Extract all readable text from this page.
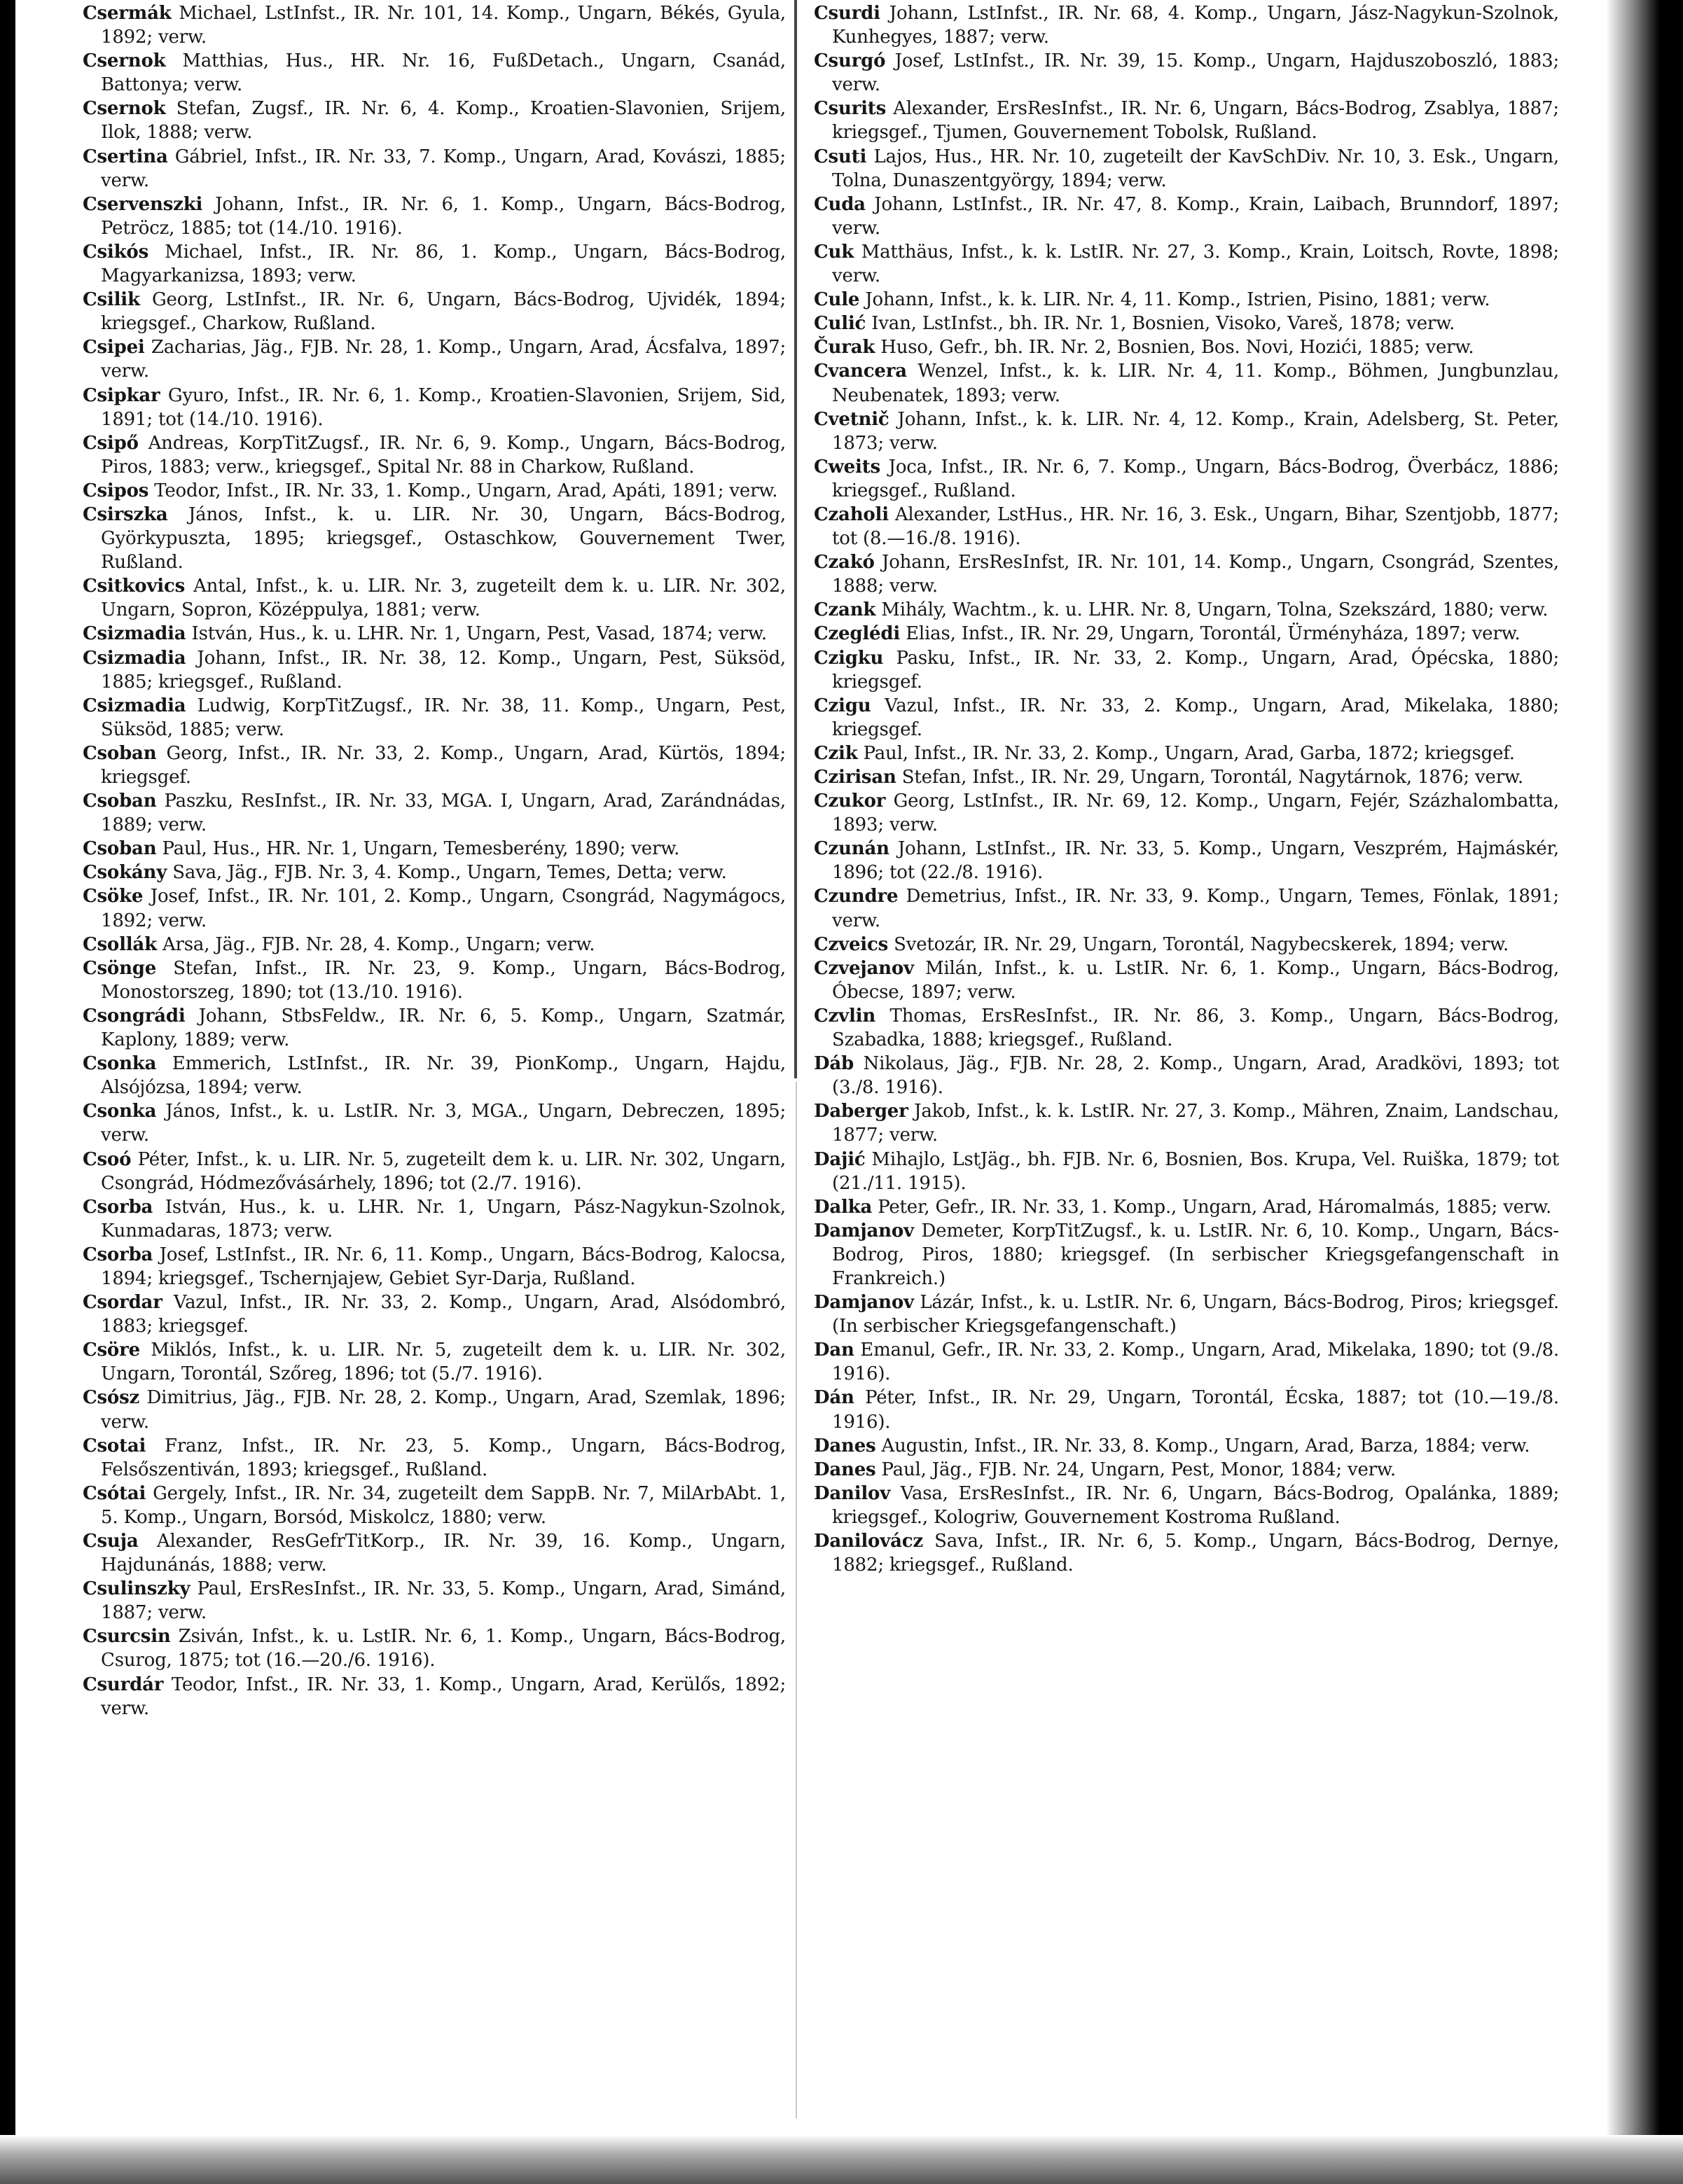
Csermák Michael, LstInfst., IR. Nr. 101, 14. Komp., Ungarn, Békés, Gyula, 1892; verw.

Csernok Matthias, Hus., HR. Nr. 16, FußDetach., Ungarn, Csanád, Battonya; verw.

Csernok Stefan, Zugsf., IR. Nr. 6, 4. Komp., Kroatien-Slavonien, Srijem, Ilok, 1888; verw.

Csertina Gábriel, Infst., IR. Nr. 33, 7. Komp., Ungarn, Arad, Kovászi, 1885; verw.

Cservenszki Johann, Infst., IR. Nr. 6, 1. Komp., Ungarn, Bács-Bodrog, Petröcz, 1885; tot (14./10. 1916).

Csikós Michael, Infst., IR. Nr. 86, 1. Komp., Ungarn, Bács-Bodrog, Magyarkanizsa, 1893; verw.

Csilik Georg, LstInfst., IR. Nr. 6, Ungarn, Bács-Bodrog, Ujvidék, 1894; kriegsgef., Charkow, Rußland.

Csipei Zacharias, Jäg., FJB. Nr. 28, 1. Komp., Ungarn, Arad, Ácsfalva, 1897; verw.

Csipkar Gyuro, Infst., IR. Nr. 6, 1. Komp., Kroatien-Slavonien, Srijem, Sid, 1891; tot (14./10. 1916).

Csipő Andreas, KorpTitZugsf., IR. Nr. 6, 9. Komp., Ungarn, Bács-Bodrog, Piros, 1883; verw., kriegsgef., Spital Nr. 88 in Charkow, Rußland.

Csipos Teodor, Infst., IR. Nr. 33, 1. Komp., Ungarn, Arad, Apáti, 1891; verw.

Csirszka János, Infst., k. u. LIR. Nr. 30, Ungarn, Bács-Bodrog, Györkypuszta, 1895; kriegsgef., Ostaschkow, Gouvernement Twer, Rußland.

Csitkovics Antal, Infst., k. u. LIR. Nr. 3, zugeteilt dem k. u. LIR. Nr. 302, Ungarn, Sopron, Középpulya, 1881; verw.

Csizmadia István, Hus., k. u. LHR. Nr. 1, Ungarn, Pest, Vasad, 1874; verw.

Csizmadia Johann, Infst., IR. Nr. 38, 12. Komp., Ungarn, Pest, Süksöd, 1885; kriegsgef., Rußland.

Csizmadia Ludwig, KorpTitZugsf., IR. Nr. 38, 11. Komp., Ungarn, Pest, Süksöd, 1885; verw.

Csoban Georg, Infst., IR. Nr. 33, 2. Komp., Ungarn, Arad, Kürtös, 1894; kriegsgef.

Csoban Paszku, ResInfst., IR. Nr. 33, MGA. I, Ungarn, Arad, Zarándnádas, 1889; verw.

Csoban Paul, Hus., HR. Nr. 1, Ungarn, Temesberény, 1890; verw.

Csokány Sava, Jäg., FJB. Nr. 3, 4. Komp., Ungarn, Temes, Detta; verw.

Csöke Josef, Infst., IR. Nr. 101, 2. Komp., Ungarn, Csongrád, Nagymágocs, 1892; verw.

Csollák Arsa, Jäg., FJB. Nr. 28, 4. Komp., Ungarn; verw.

Csönge Stefan, Infst., IR. Nr. 23, 9. Komp., Ungarn, Bács-Bodrog, Monostorszeg, 1890; tot (13./10. 1916).

Csongrádi Johann, StbsFeldw., IR. Nr. 6, 5. Komp., Ungarn, Szatmár, Kaplony, 1889; verw.

Csonka Emmerich, LstInfst., IR. Nr. 39, PionKomp., Ungarn, Hajdu, Alsójózsa, 1894; verw.

Csonka János, Infst., k. u. LstIR. Nr. 3, MGA., Ungarn, Debreczen, 1895; verw.

Csoó Péter, Infst., k. u. LIR. Nr. 5, zugeteilt dem k. u. LIR. Nr. 302, Ungarn, Csongrád, Hódmezővásárhely, 1896; tot (2./7. 1916).

Csorba István, Hus., k. u. LHR. Nr. 1, Ungarn, Pász-Nagykun-Szolnok, Kunmadaras, 1873; verw.

Csorba Josef, LstInfst., IR. Nr. 6, 11. Komp., Ungarn, Bács-Bodrog, Kalocsa, 1894; kriegsgef., Tschernjajew, Gebiet Syr-Darja, Rußland.

Csordar Vazul, Infst., IR. Nr. 33, 2. Komp., Ungarn, Arad, Alsódombró, 1883; kriegsgef.

Csöre Miklós, Infst., k. u. LIR. Nr. 5, zugeteilt dem k. u. LIR. Nr. 302, Ungarn, Torontál, Szőreg, 1896; tot (5./7. 1916).

Csósz Dimitrius, Jäg., FJB. Nr. 28, 2. Komp., Ungarn, Arad, Szemlak, 1896; verw.

Csotai Franz, Infst., IR. Nr. 23, 5. Komp., Ungarn, Bács-Bodrog, Felsőszentiván, 1893; kriegsgef., Rußland.

Csótai Gergely, Infst., IR. Nr. 34, zugeteilt dem SappB. Nr. 7, MilArbAbt. 1, 5. Komp., Ungarn, Borsód, Miskolcz, 1880; verw.

Csuja Alexander, ResGefrTitKorp., IR. Nr. 39, 16. Komp., Ungarn, Hajdunánás, 1888; verw.

Csulinszky Paul, ErsResInfst., IR. Nr. 33, 5. Komp., Ungarn, Arad, Simánd, 1887; verw.

Csurcsin Zsiván, Infst., k. u. LstIR. Nr. 6, 1. Komp., Ungarn, Bács-Bodrog, Csurog, 1875; tot (16.—20./6. 1916).

Csurdár Teodor, Infst., IR. Nr. 33, 1. Komp., Ungarn, Arad, Kerülős, 1892; verw.

Csurdi Johann, LstInfst., IR. Nr. 68, 4. Komp., Ungarn, Jász-Nagykun-Szolnok, Kunhegyes, 1887; verw.

Csurgó Josef, LstInfst., IR. Nr. 39, 15. Komp., Ungarn, Hajduszoboszló, 1883; verw.

Csurits Alexander, ErsResInfst., IR. Nr. 6, Ungarn, Bács-Bodrog, Zsablya, 1887; kriegsgef., Tjumen, Gouvernement Tobolsk, Rußland.

Csuti Lajos, Hus., HR. Nr. 10, zugeteilt der KavSchDiv. Nr. 10, 3. Esk., Ungarn, Tolna, Dunaszentgyörgy, 1894; verw.

Cuda Johann, LstInfst., IR. Nr. 47, 8. Komp., Krain, Laibach, Brunndorf, 1897; verw.

Cuk Matthäus, Infst., k. k. LstIR. Nr. 27, 3. Komp., Krain, Loitsch, Rovte, 1898; verw.

Cule Johann, Infst., k. k. LIR. Nr. 4, 11. Komp., Istrien, Pisino, 1881; verw.

Culić Ivan, LstInfst., bh. IR. Nr. 1, Bosnien, Visoko, Vareš, 1878; verw.

Čurak Huso, Gefr., bh. IR. Nr. 2, Bosnien, Bos. Novi, Hozići, 1885; verw.

Cvancera Wenzel, Infst., k. k. LIR. Nr. 4, 11. Komp., Böhmen, Jungbunzlau, Neubenatek, 1893; verw.

Cvetnič Johann, Infst., k. k. LIR. Nr. 4, 12. Komp., Krain, Adelsberg, St. Peter, 1873; verw.

Cweits Joca, Infst., IR. Nr. 6, 7. Komp., Ungarn, Bács-Bodrog, Överbácz, 1886; kriegsgef., Rußland.

Czaholi Alexander, LstHus., HR. Nr. 16, 3. Esk., Ungarn, Bihar, Szentjobb, 1877; tot (8.—16./8. 1916).

Czakó Johann, ErsResInfst, IR. Nr. 101, 14. Komp., Ungarn, Csongrád, Szentes, 1888; verw.

Czank Mihály, Wachtm., k. u. LHR. Nr. 8, Ungarn, Tolna, Szekszárd, 1880; verw.

Czeglédi Elias, Infst., IR. Nr. 29, Ungarn, Torontál, Ürményháza, 1897; verw.

Czigku Pasku, Infst., IR. Nr. 33, 2. Komp., Ungarn, Arad, Ópécska, 1880; kriegsgef.

Czigu Vazul, Infst., IR. Nr. 33, 2. Komp., Ungarn, Arad, Mikelaka, 1880; kriegsgef.

Czik Paul, Infst., IR. Nr. 33, 2. Komp., Ungarn, Arad, Garba, 1872; kriegsgef.

Czirisan Stefan, Infst., IR. Nr. 29, Ungarn, Torontál, Nagytárnok, 1876; verw.

Czukor Georg, LstInfst., IR. Nr. 69, 12. Komp., Ungarn, Fejér, Százhalombatta, 1893; verw.

Czunán Johann, LstInfst., IR. Nr. 33, 5. Komp., Ungarn, Veszprém, Hajmáskér, 1896; tot (22./8. 1916).

Czundre Demetrius, Infst., IR. Nr. 33, 9. Komp., Ungarn, Temes, Fönlak, 1891; verw.

Czveics Svetozár, IR. Nr. 29, Ungarn, Torontál, Nagybecskerek, 1894; verw.

Czvejanov Milán, Infst., k. u. LstIR. Nr. 6, 1. Komp., Ungarn, Bács-Bodrog, Óbecse, 1897; verw.

Czvlin Thomas, ErsResInfst., IR. Nr. 86, 3. Komp., Ungarn, Bács-Bodrog, Szabadka, 1888; kriegsgef., Rußland.

Dáb Nikolaus, Jäg., FJB. Nr. 28, 2. Komp., Ungarn, Arad, Aradkövi, 1893; tot (3./8. 1916).

Daberger Jakob, Infst., k. k. LstIR. Nr. 27, 3. Komp., Mähren, Znaim, Landschau, 1877; verw.

Dajić Mihajlo, LstJäg., bh. FJB. Nr. 6, Bosnien, Bos. Krupa, Vel. Ruiška, 1879; tot (21./11. 1915).

Dalka Peter, Gefr., IR. Nr. 33, 1. Komp., Ungarn, Arad, Háromalmás, 1885; verw.

Damjanov Demeter, KorpTitZugsf., k. u. LstIR. Nr. 6, 10. Komp., Ungarn, Bács-Bodrog, Piros, 1880; kriegsgef. (In serbischer Kriegsgefangenschaft in Frankreich.)

Damjanov Lázár, Infst., k. u. LstIR. Nr. 6, Ungarn, Bács-Bodrog, Piros; kriegsgef. (In serbischer Kriegsgefangenschaft.)

Dan Emanul, Gefr., IR. Nr. 33, 2. Komp., Ungarn, Arad, Mikelaka, 1890; tot (9./8. 1916).

Dán Péter, Infst., IR. Nr. 29, Ungarn, Torontál, Écska, 1887; tot (10.—19./8. 1916).

Danes Augustin, Infst., IR. Nr. 33, 8. Komp., Ungarn, Arad, Barza, 1884; verw.

Danes Paul, Jäg., FJB. Nr. 24, Ungarn, Pest, Monor, 1884; verw.

Danilov Vasa, ErsResInfst., IR. Nr. 6, Ungarn, Bács-Bodrog, Opalánka, 1889; kriegsgef., Kologriw, Gouvernement Kostroma Rußland.

Danilovácz Sava, Infst., IR. Nr. 6, 5. Komp., Ungarn, Bács-Bodrog, Dernye, 1882; kriegsgef., Rußland.
